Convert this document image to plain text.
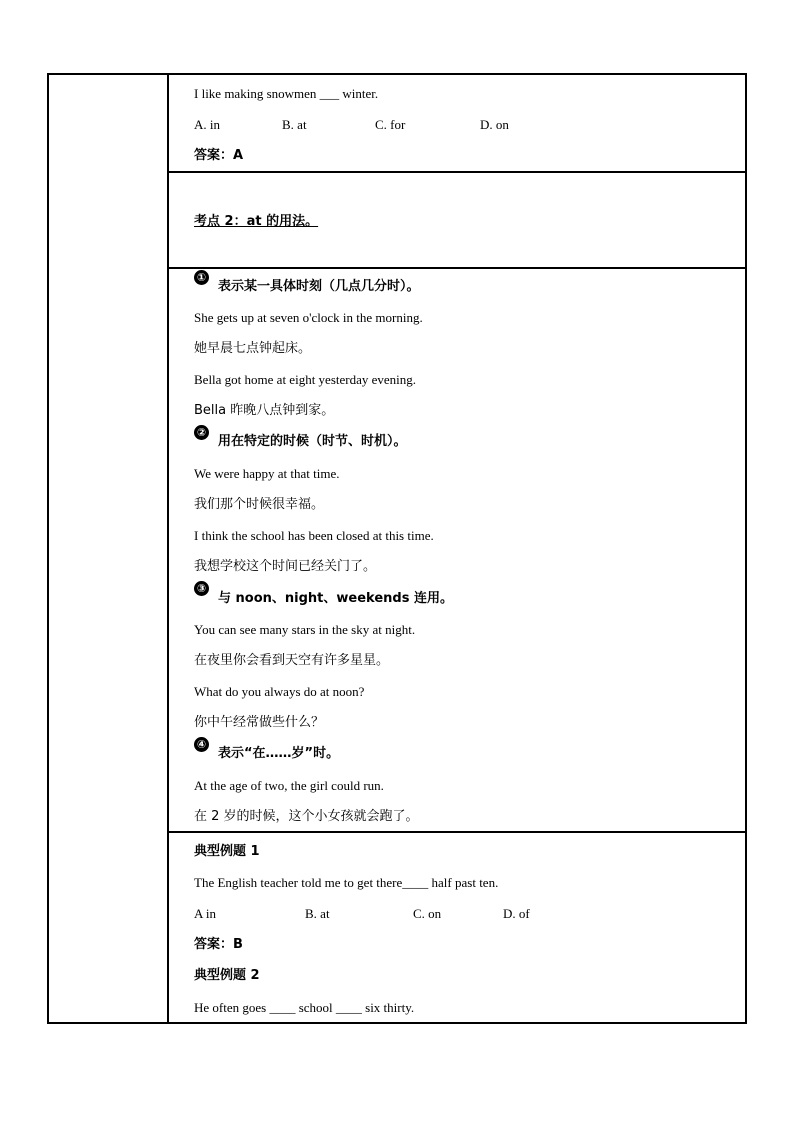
I like making snowmen ___ winter.
A. in	B. at	C. for	D. on
答案：A
考点 2：at 的用法。
①
表示某一具体时刻（几点几分时）。
She gets up at seven o'clock in the morning.
她早晨七点钟起床。
Bella got home at eight yesterday evening.
Bella 昨晚八点钟到家。
②
用在特定的时候（时节、时机）。
We were happy at that time.
我们那个时候很幸福。
I think the school has been closed at this time.
我想学校这个时间已经关门了。
③
与 noon、night、weekends 连用。
You can see many stars in the sky at night.
在夜里你会看到天空有许多星星。
What do you always do at noon?
你中午经常做些什么？
④
表示“在……岁”时。
At the age of two, the girl could run.
在 2 岁的时候，这个小女孩就会跑了。
典型例题 1
The English teacher told me to get there____ half past ten.
A in	B. at	C. on	D. of
答案：B
典型例题 2
He often goes ____ school ____ six thirty.
